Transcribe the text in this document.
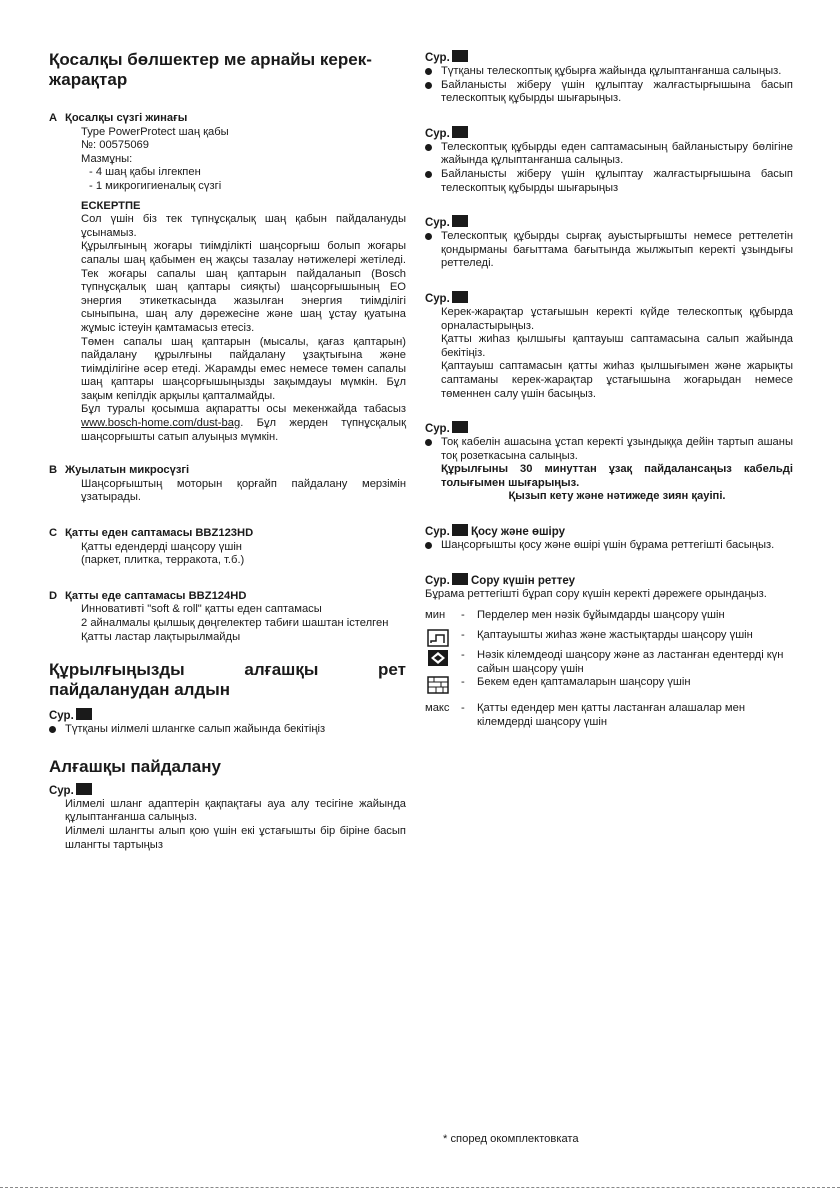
Қосалқы бөлшектер ме арнайы керек-жарақтар
A Қосалқы сүзгі жинағы
Type PowerProtect шаң қабы
№: 00575069
Мазмұны:
- 4 шаң қабы ілгекпен
- 1 микрогигиеналық сүзгі
ЕСКЕРТПЕ
Сол үшін біз тек түпнұсқалық шаң қабын пайдалануды ұсынамыз.
Құрылғының жоғары тиімділікті шаңсорғыш болып жоғары сапалы шаң қабымен ең жақсы тазалау нәтижелері жетіледі. Тек жоғары сапалы шаң қаптарын пайдаланып (Bosch түпнұсқалық шаң қаптары сияқты) шаңсорғышының ЕО энергия этикеткасында жазылған энергия тиімділігі сыныпына, шаң алу дәрежесіне және шаң ұстау қуатына жұмыс істеуін қамтамасыз етесіз.
Төмен сапалы шаң қаптарын (мысалы, қағаз қаптарын) пайдалану құрылғыны пайдалану ұзақтығына және тиімділігіне әсер етеді. Жарамды емес немесе төмен сапалы шаң қаптары шаңсорғышыңызды зақымдауы мүмкін. Бұл зақым кепілдік арқылы қапталмайды.
Бұл туралы қосымша ақпаратты осы мекенжайда табасыз www.bosch-home.com/dust-bag. Бұл жерден түпнұсқалық шаңсорғышты сатып алуыңыз мүмкін.
B Жуылатын микросүзгі
Шаңсорғыштың моторын қорғайп пайдалану мерзімін ұзатырады.
C Қатты еден саптамасы BBZ123HD
Қатты едендерді шаңсору үшін
(паркет, плитка, терракота, т.б.)
D Қатты еде саптамасы BBZ124HD
Инновативті "soft & roll" қатты еден саптамасы
2 айналмалы қылшық дөңгелектер табиғи шаштан істелген
Қатты ластар лақтырылмайды
Құрылғыңызды	алғашқы	рет
пайдаланудан алдын
Сур.
Түтқаны иілмелі шлангке салып жайында бекітіңіз
Алғашқы пайдалану
Сур.
Иілмелі шланг адаптерін қақпақтағы ауа алу тесігіне жайында құлыптанғанша салыңыз.
Иілмелі шлангты алып қою үшін екі ұстағышты бір біріне басып шлангты тартыңыз
Сур.
Түтқаны телескоптық құбырға жайында құлыптанғанша салыңыз.
Байланысты жіберу үшін құлыптау жалғастырғышына басып телескоптық құбырды шығарыңыз.
Сур.
Телескоптық құбырды еден саптамасының байланыстыру бөлігіне жайында құлыптанғанша салыңыз.
Байланысты жіберу үшін құлыптау жалғастырғышына басып телескоптық құбырды шығарыңыз
Сур.
Телескоптық құбырды сырғақ ауыстырғышты немесе реттелетін қондырманы бағыттама бағытында жылжытып керекті ұзындығы реттеледі.
Сур.
Керек-жарақтар ұстағышын керекті күйде телескоптық құбырда орналастырыңыз.
Қатты жиһаз қылшығы қаптауыш саптамасына салып жайында бекітіңіз.
Қаптауыш саптамасын қатты жиһаз қылшығымен және жарықты саптаманы керек-жарақтар ұстағышына жоғарыдан немесе төменнен салу үшін басыңыз.
Сур.
Тоқ кабелін ашасына ұстап керекті ұзындыққа дейін тартып ашаны тоқ розеткасына салыңыз.
Құрылғыны 30 минуттан ұзақ пайдалансаңыз кабельді толығымен шығарыңыз.
Қызып кету және нәтижеде зиян қауіпі.
Сур. Қосу және өшіру
Шаңсорғышты қосу және өшірі үшін бұрама реттегішті басыңыз.
Сур. Сору күшін реттеу
Бұрама реттегішті бұрап сору күшін керекті дәрежеге орындаңыз.
мин - Перделер мен нәзік бұйымдарды шаңсору үшін
- Қаптауышты жиһаз және жастықтарды шаңсору үшін
- Нәзік кілемдеоді шаңсору және аз ластанған едентерді күн сайын шаңсору үшін
- Бекем еден қаптамаларын шаңсору үшін
макс - Қатты едендер мен қатты ластанған алашалар мен кілемдерді шаңсору үшін
* според окомплектовката
